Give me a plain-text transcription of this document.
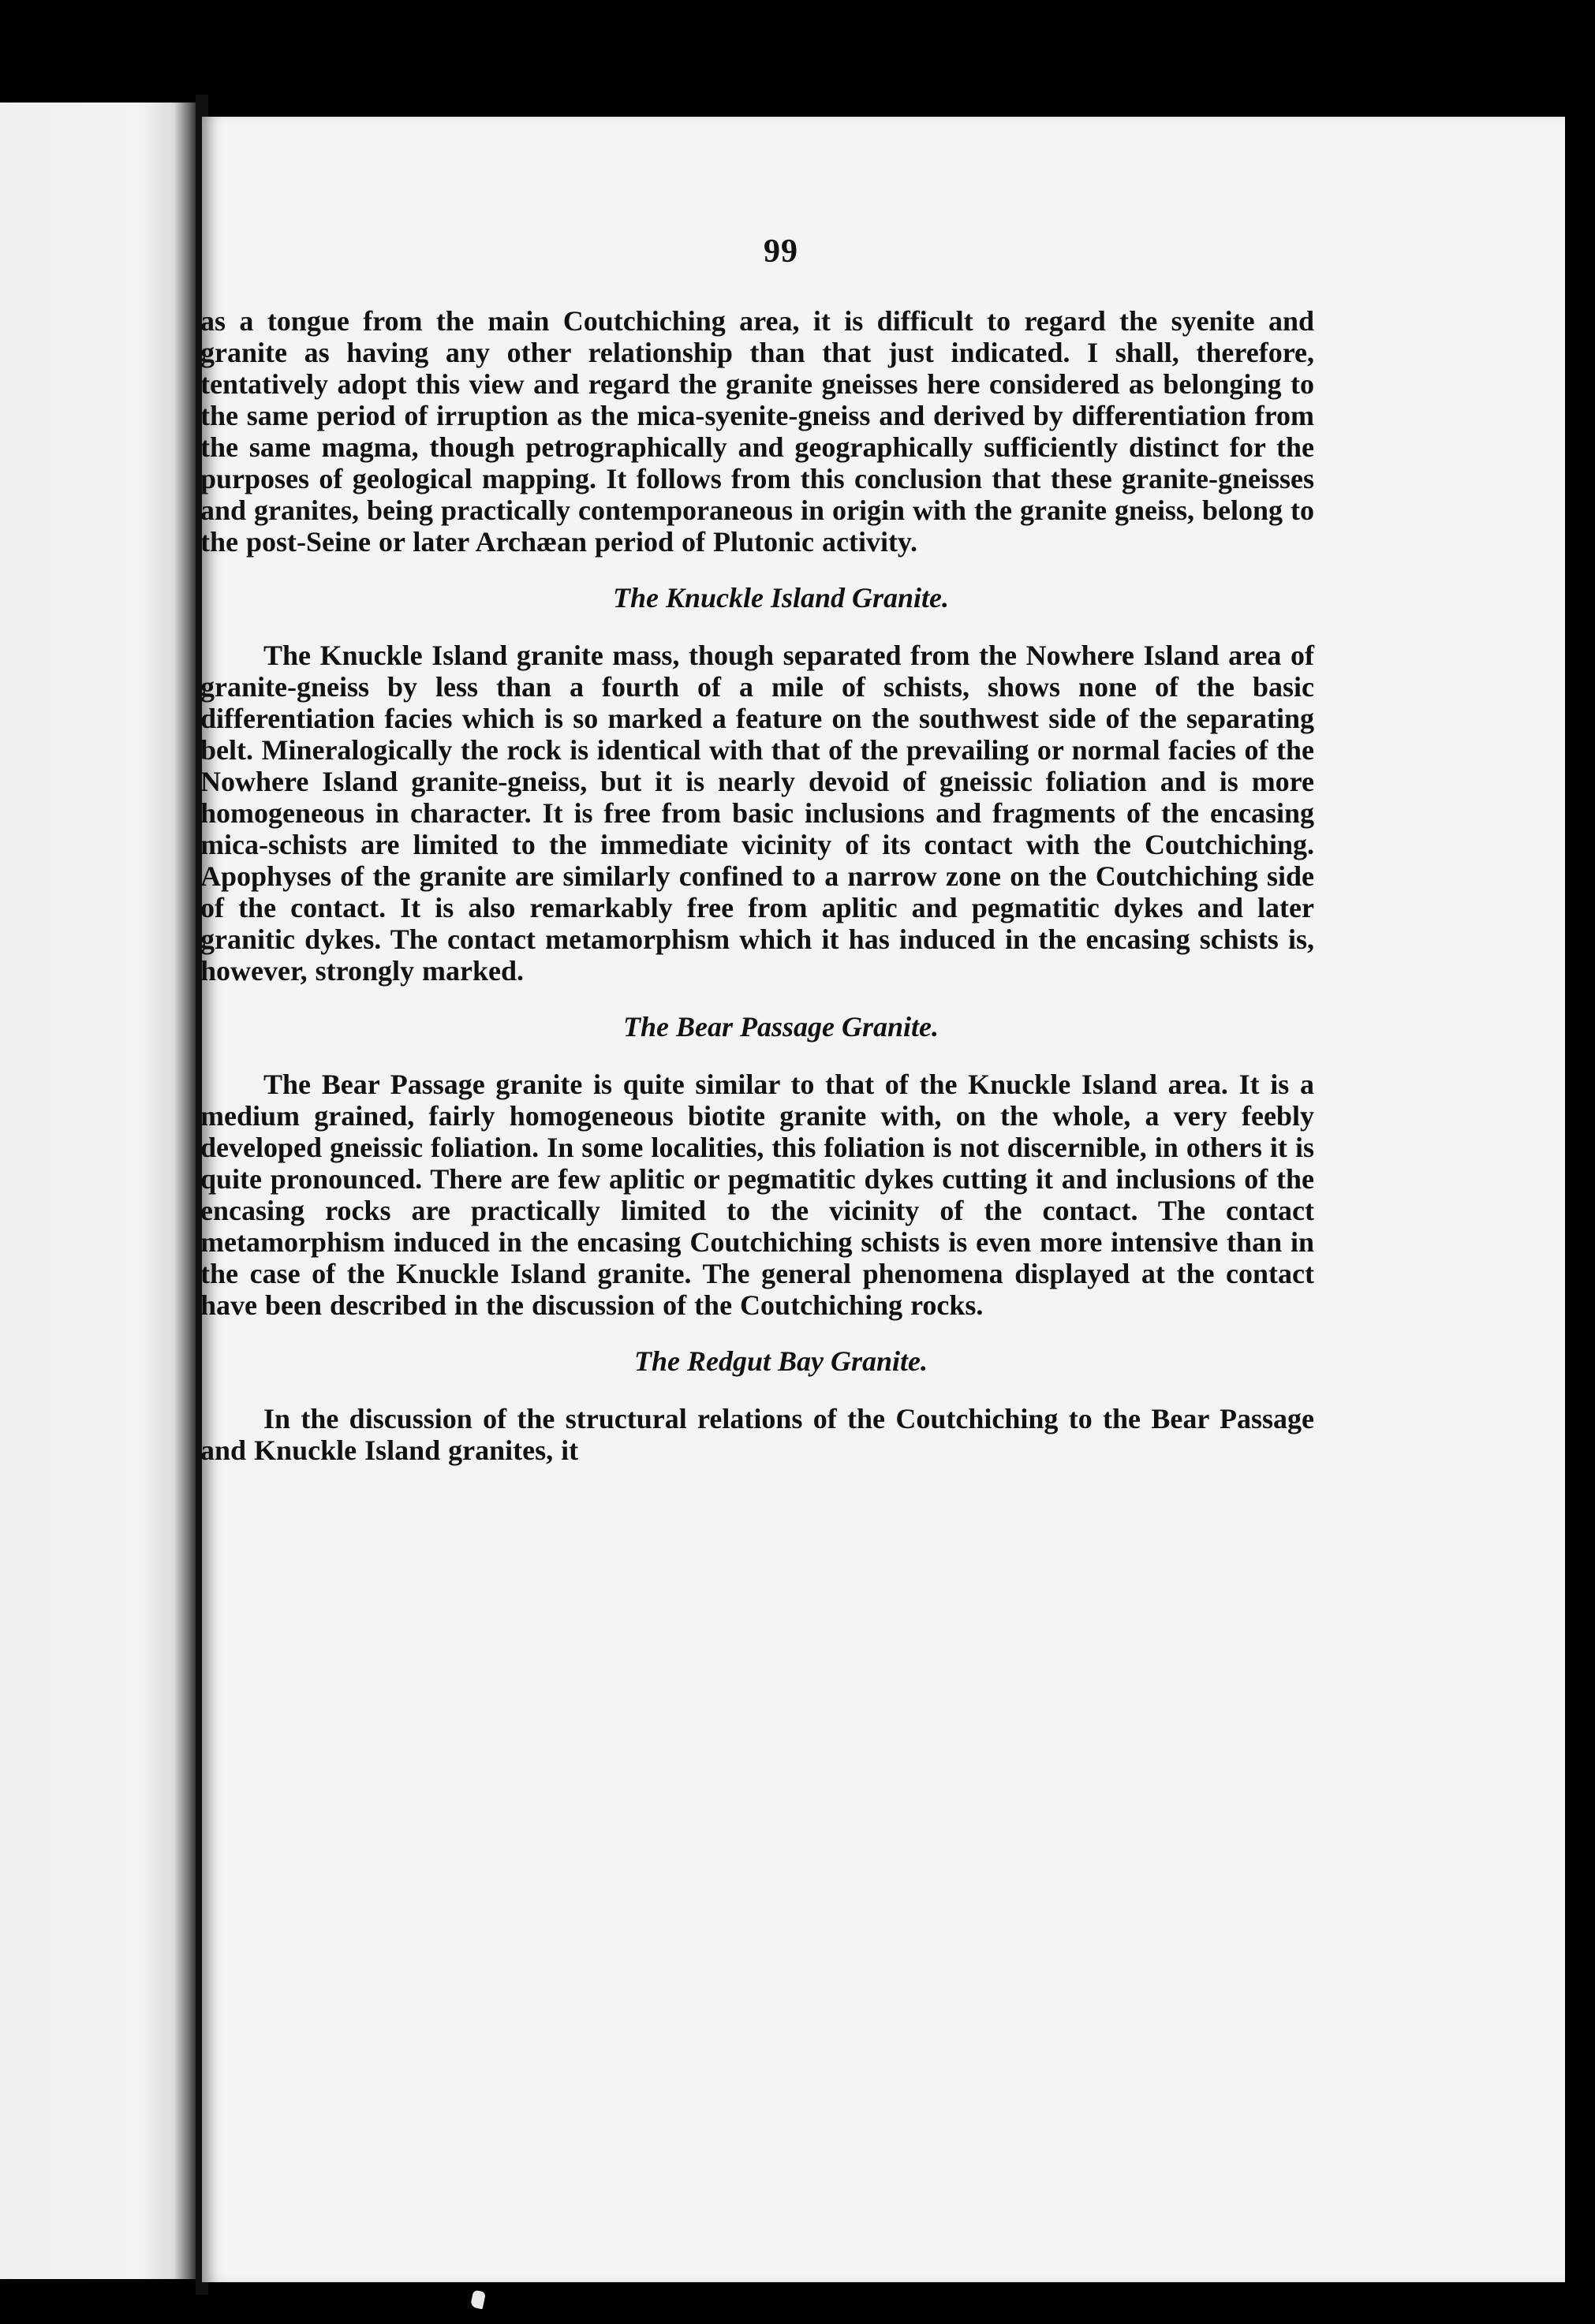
99

as a tongue from the main Coutchiching area, it is difficult to regard the syenite and granite as having any other relationship than that just indicated. I shall, therefore, tentatively adopt this view and regard the granite gneisses here considered as belonging to the same period of irruption as the mica-syenite-gneiss and derived by differentiation from the same magma, though petrographically and geographically sufficiently distinct for the purposes of geological mapping. It follows from this conclusion that these granite-gneisses and granites, being practically contemporaneous in origin with the granite gneiss, belong to the post-Seine or later Archæan period of Plutonic activity.

The Knuckle Island Granite.

The Knuckle Island granite mass, though separated from the Nowhere Island area of granite-gneiss by less than a fourth of a mile of schists, shows none of the basic differentiation facies which is so marked a feature on the southwest side of the separating belt. Mineralogically the rock is identical with that of the prevailing or normal facies of the Nowhere Island granite-gneiss, but it is nearly devoid of gneissic foliation and is more homogeneous in character. It is free from basic inclusions and fragments of the encasing mica-schists are limited to the immediate vicinity of its contact with the Coutchiching. Apophyses of the granite are similarly confined to a narrow zone on the Coutchiching side of the contact. It is also remarkably free from aplitic and pegmatitic dykes and later granitic dykes. The contact metamorphism which it has induced in the encasing schists is, however, strongly marked.

The Bear Passage Granite.

The Bear Passage granite is quite similar to that of the Knuckle Island area. It is a medium grained, fairly homogeneous biotite granite with, on the whole, a very feebly developed gneissic foliation. In some localities, this foliation is not discernible, in others it is quite pronounced. There are few aplitic or pegmatitic dykes cutting it and inclusions of the encasing rocks are practically limited to the vicinity of the contact. The contact metamorphism induced in the encasing Coutchiching schists is even more intensive than in the case of the Knuckle Island granite. The general phenomena displayed at the contact have been described in the discussion of the Coutchiching rocks.

The Redgut Bay Granite.

In the discussion of the structural relations of the Coutchiching to the Bear Passage and Knuckle Island granites, it
